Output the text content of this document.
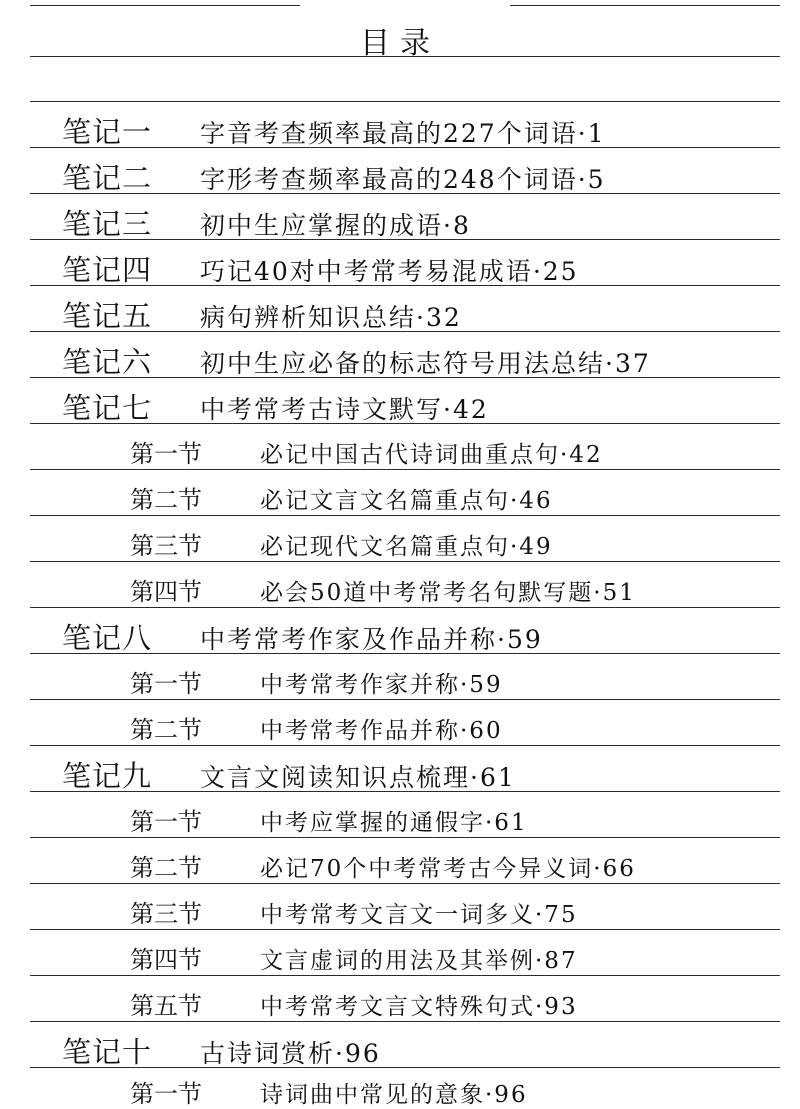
目录
笔记一	字音考查频率最高的227个词语·1
笔记二	字形考查频率最高的248个词语·5
笔记三	初中生应掌握的成语·8
笔记四	巧记40对中考常考易混成语·25
笔记五	病句辨析知识总结·32
笔记六	初中生应必备的标志符号用法总结·37
笔记七	中考常考古诗文默写·42
第一节	必记中国古代诗词曲重点句·42
第二节	必记文言文名篇重点句·46
第三节	必记现代文名篇重点句·49
第四节	必会50道中考常考名句默写题·51
笔记八	中考常考作家及作品并称·59
第一节	中考常考作家并称·59
第二节	中考常考作品并称·60
笔记九	文言文阅读知识点梳理·61
第一节	中考应掌握的通假字·61
第二节	必记70个中考常考古今异义词·66
第三节	中考常考文言文一词多义·75
第四节	文言虚词的用法及其举例·87
第五节	中考常考文言文特殊句式·93
笔记十	古诗词赏析·96
第一节	诗词曲中常见的意象·96
